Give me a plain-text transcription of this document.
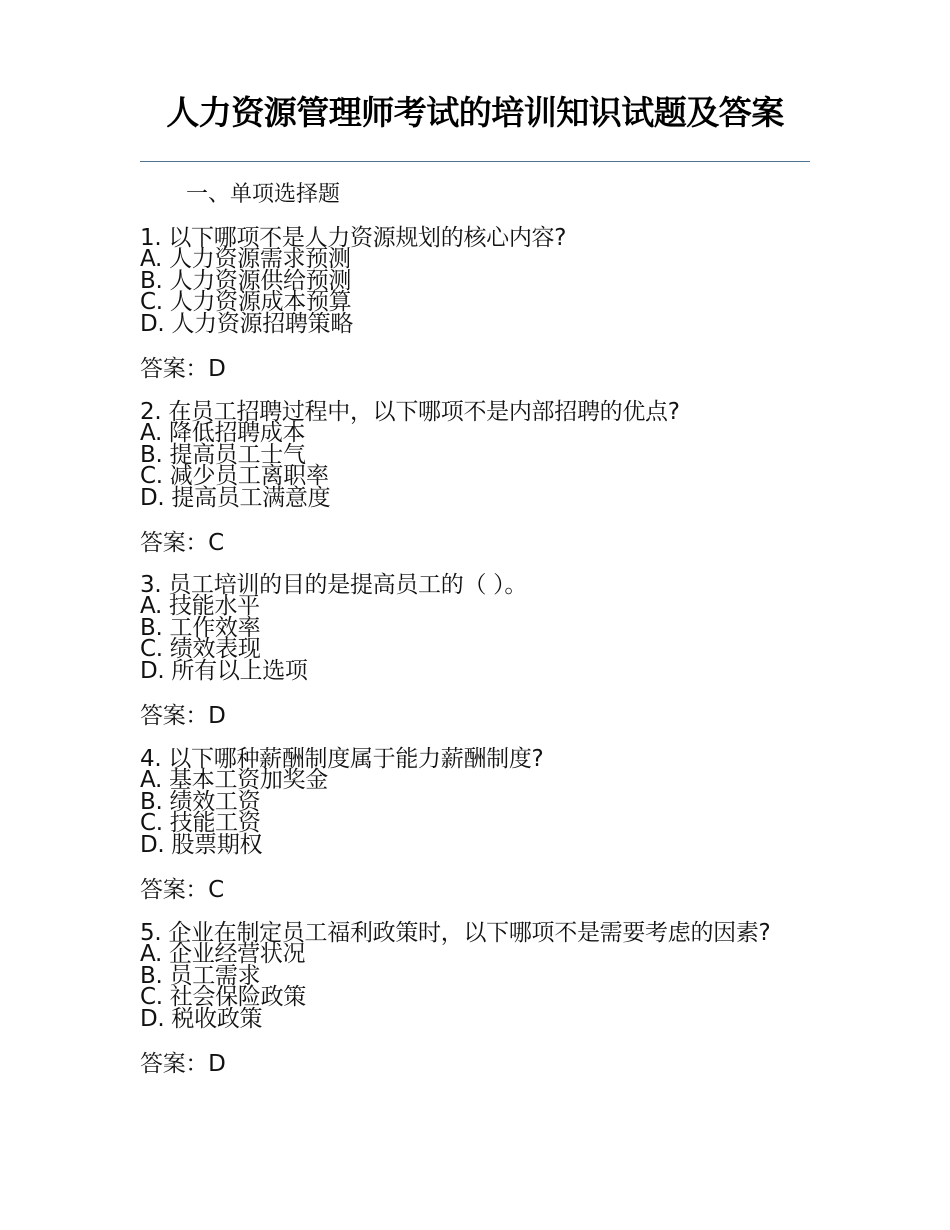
人力资源管理师考试的培训知识试题及答案
一、单项选择题

1. 以下哪项不是人力资源规划的核心内容?

A. 人力资源需求预测

B. 人力资源供给预测

C. 人力资源成本预算

D. 人力资源招聘策略

答案：D

2. 在员工招聘过程中，以下哪项不是内部招聘的优点?

A. 降低招聘成本

B. 提高员工士气

C. 减少员工离职率

D. 提高员工满意度

答案：C

3. 员工培训的目的是提高员工的（ ）。

A. 技能水平

B. 工作效率

C. 绩效表现

D. 所有以上选项

答案：D

4. 以下哪种薪酬制度属于能力薪酬制度?

A. 基本工资加奖金

B. 绩效工资

C. 技能工资

D. 股票期权

答案：C

5. 企业在制定员工福利政策时，以下哪项不是需要考虑的因素?

A. 企业经营状况

B. 员工需求

C. 社会保险政策

D. 税收政策

答案：D
